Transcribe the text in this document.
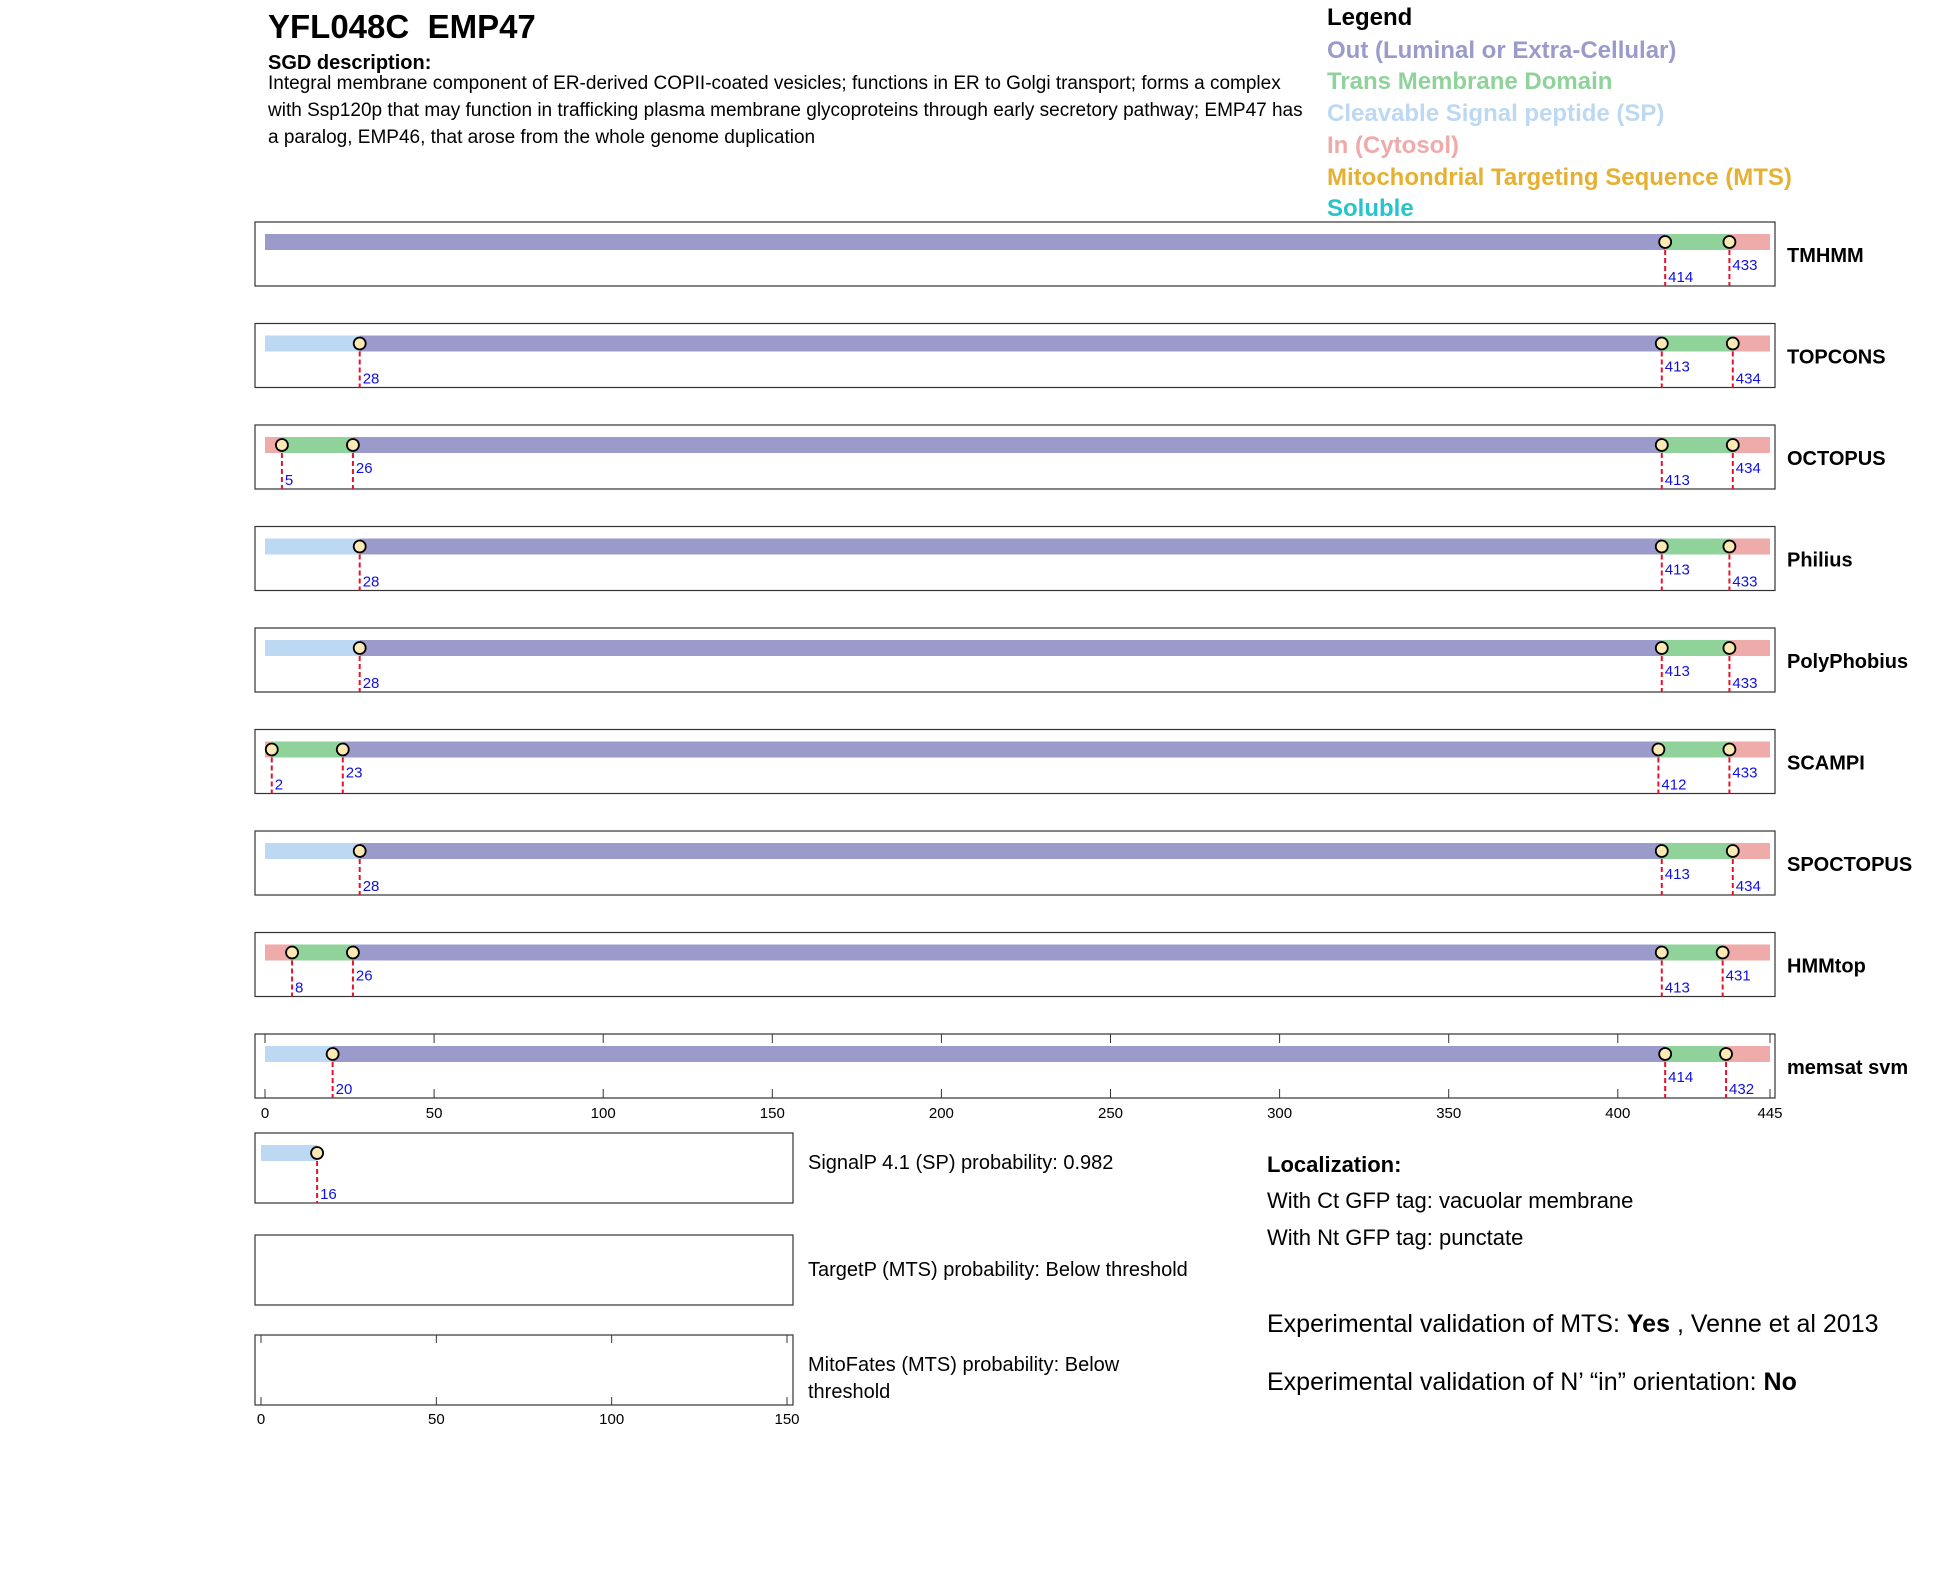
YFL048C EMP47
SGD description:
Integral membrane component of ER-derived COPII-coated vesicles; functions in ER to Golgi transport; forms a complex with Ssp120p that may function in trafficking plasma membrane glycoproteins through early secretory pathway; EMP47 has a paralog, EMP46, that arose from the whole genome duplication
Legend
Out (Luminal or Extra-Cellular)
Trans Membrane Domain
Cleavable Signal peptide (SP)
In (Cytosol)
Mitochondrial Targeting Sequence (MTS)
Soluble
414
433 TMHMM
28
413
434
TOPCONS
5
26
413
434 OCTOPUS
28
413
433
Philius
28
413
433
PolyPhobius
2
23
412
433 SCAMPI
28
413
434
SPOCTOPUS
8
26
413
431 HMMtop
20
414
432
memsat svm
0	50	100	150	200	250	300	350	400	445
16
0	50	100	150
SignalP 4.1 (SP) probability: 0.982
TargetP (MTS) probability: Below threshold
MitoFates (MTS) probability: Below
threshold
Localization:
With Ct GFP tag: vacuolar membrane
With Nt GFP tag: punctate
Experimental validation of MTS: Yes , Venne et al 2013
Experimental validation of N’ “in” orientation: No
